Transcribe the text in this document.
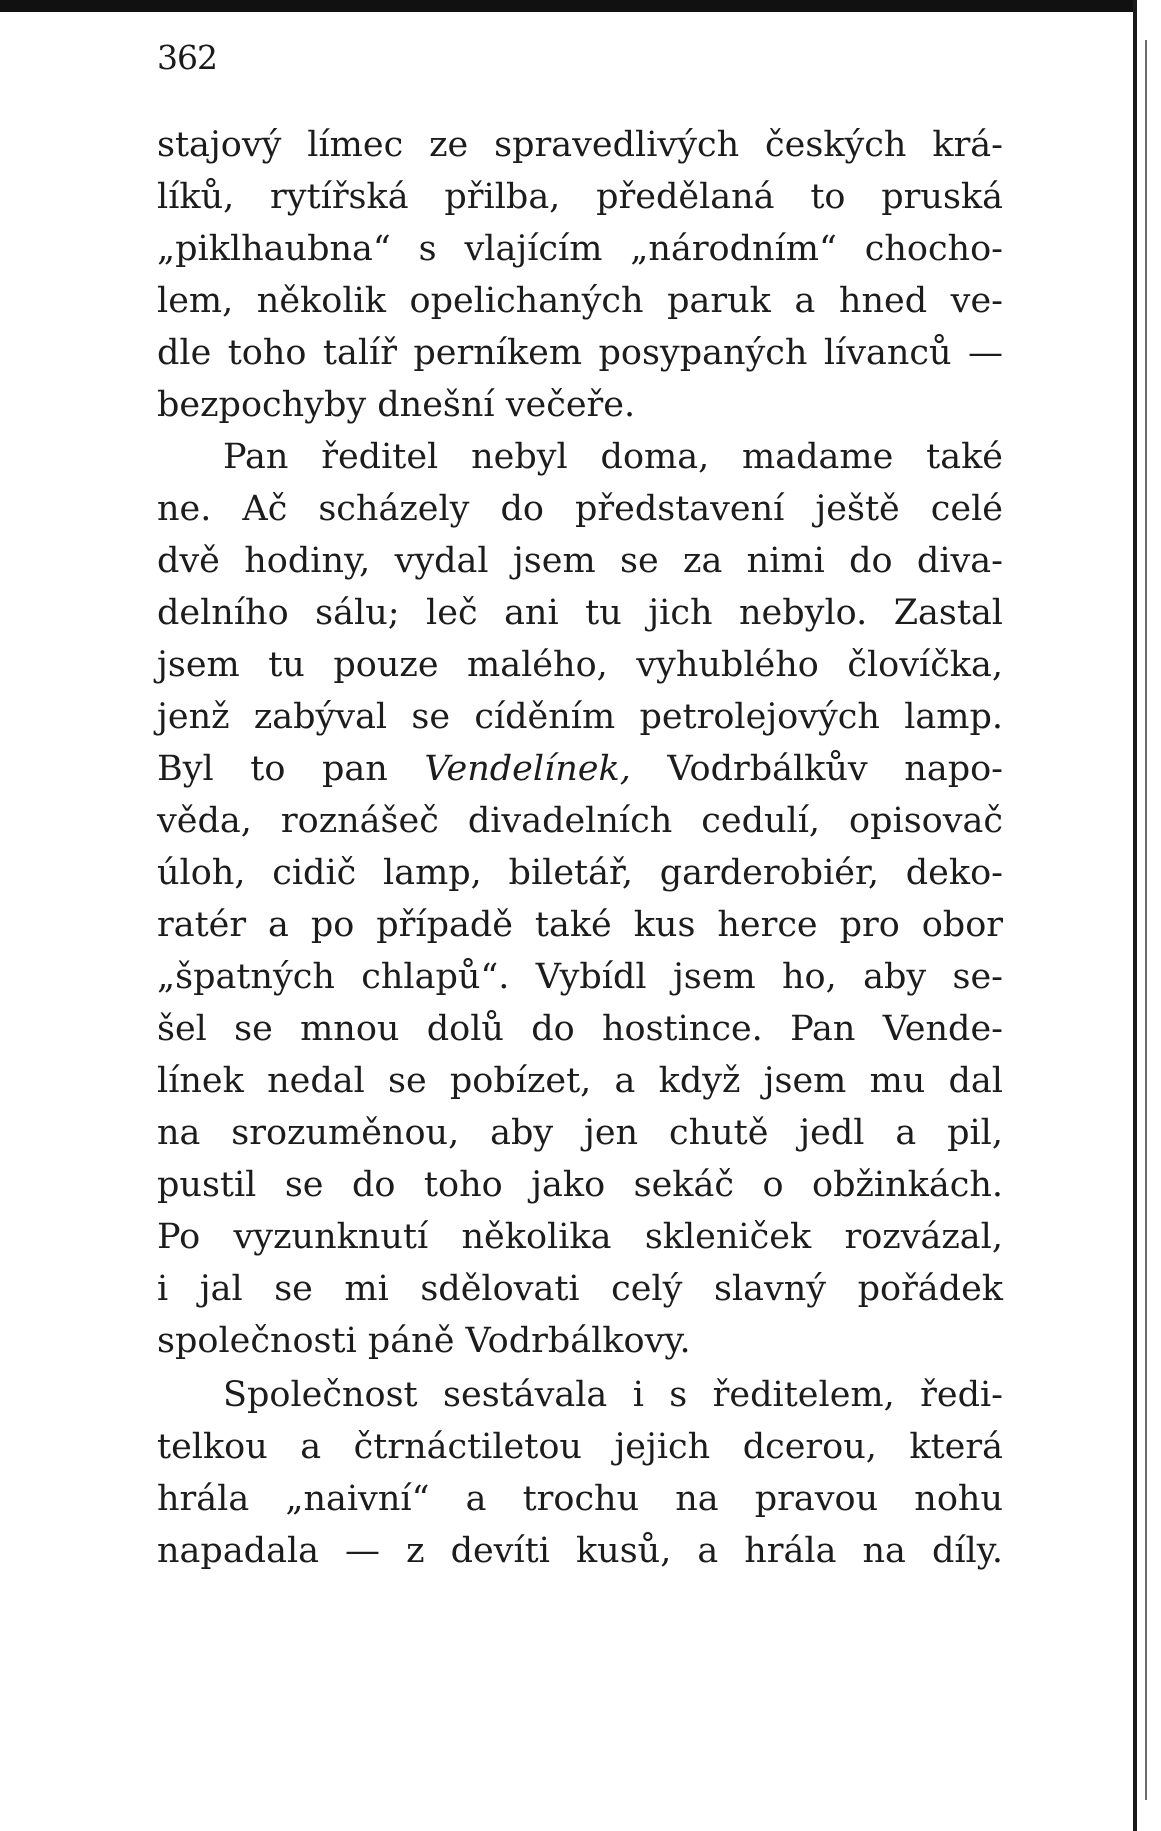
362
stajový límec ze spravedlivých českých krá-
líků, rytířská přilba, předělaná to pruská
„piklhaubna“ s vlajícím „národním“ chocho-
lem, několik opelichaných paruk a hned ve-
dle toho talíř perníkem posypaných lívanců —
bezpochyby dnešní večeře.
Pan ředitel nebyl doma, madame také
ne. Ač scházely do představení ještě celé
dvě hodiny, vydal jsem se za nimi do diva-
delního sálu; leč ani tu jich nebylo. Zastal
jsem tu pouze malého, vyhublého človíčka,
jenž zabýval se cíděním petrolejových lamp.
Byl to pan Vendelínek, Vodrbálkův napo-
věda, roznášeč divadelních cedulí, opisovač
úloh, cidič lamp, biletář, garderobiér, deko-
ratér a po případě také kus herce pro obor
„špatných chlapů“. Vybídl jsem ho, aby se-
šel se mnou dolů do hostince. Pan Vende-
línek nedal se pobízet, a když jsem mu dal
na srozuměnou, aby jen chutě jedl a pil,
pustil se do toho jako sekáč o obžinkách.
Po vyzunknutí několika skleniček rozvázal,
i jal se mi sdělovati celý slavný pořádek
společnosti páně Vodrbálkovy.
Společnost sestávala i s ředitelem, ředi-
telkou a čtrnáctiletou jejich dcerou, která
hrála „naivní“ a trochu na pravou nohu
napadala — z devíti kusů, a hrála na díly.
